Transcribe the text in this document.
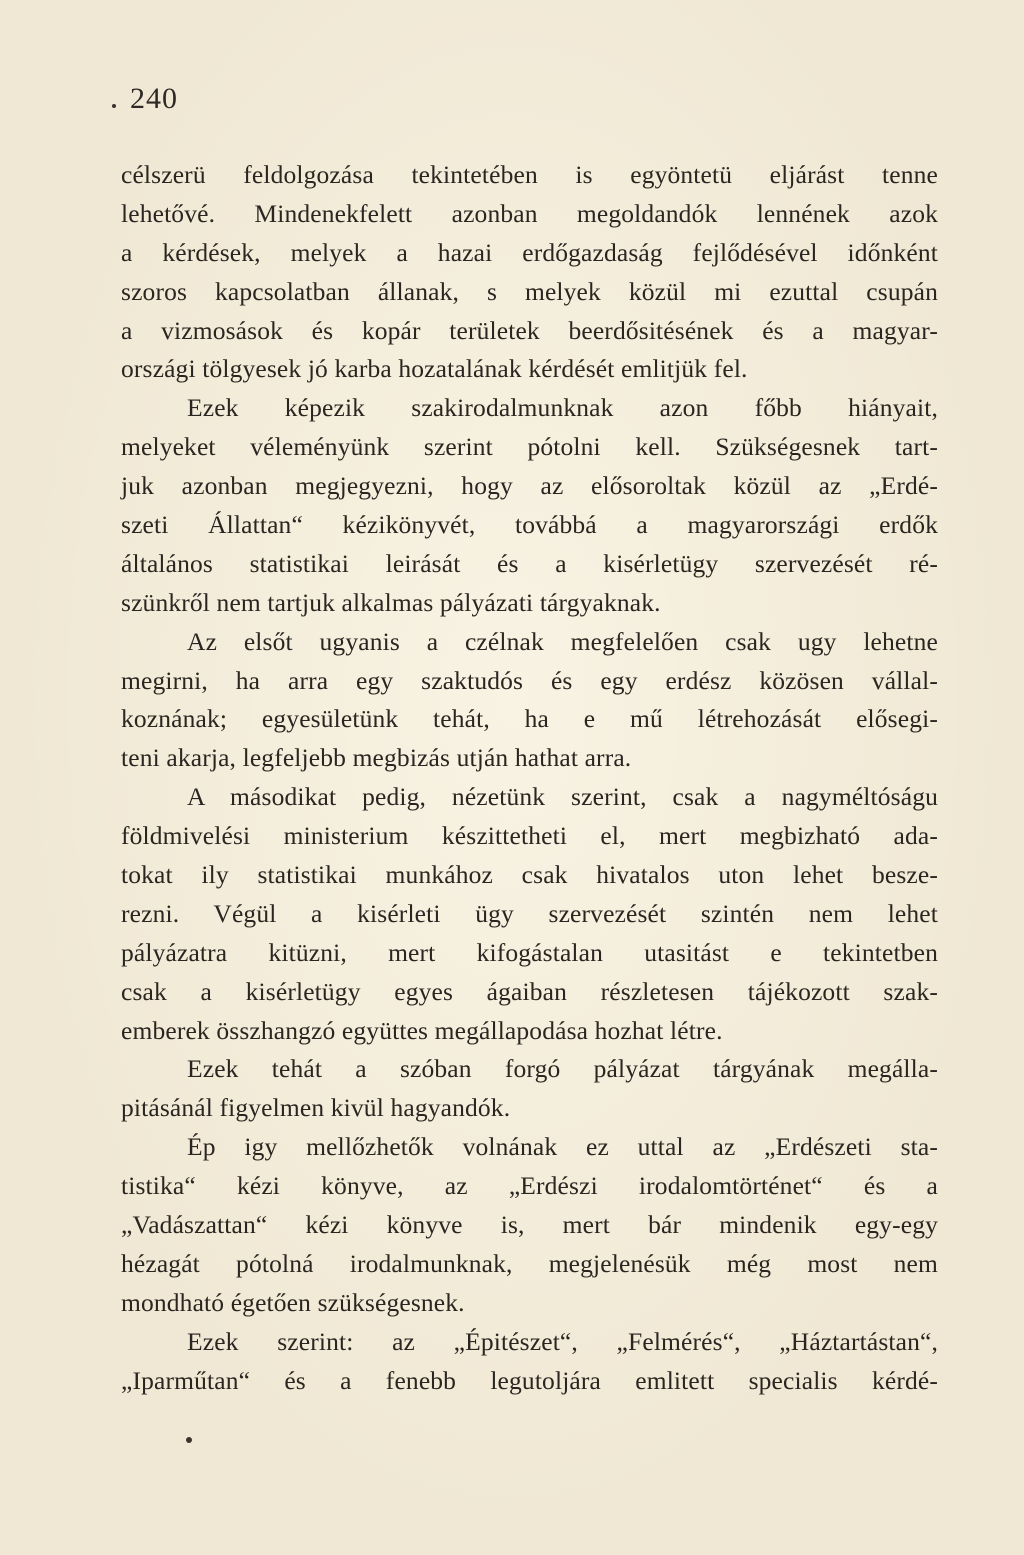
240
célszerü feldolgozása tekintetében is egyöntetü eljárást tenne
lehetővé. Mindenekfelett azonban megoldandók lennének azok
a kérdések, melyek a hazai erdőgazdaság fejlődésével időnként
szoros kapcsolatban állanak, s melyek közül mi ezuttal csupán
a vizmosások és kopár területek beerdősitésének és a magyar-
országi tölgyesek jó karba hozatalának kérdését emlitjük fel.
Ezek képezik szakirodalmunknak azon főbb hiányait,
melyeket véleményünk szerint pótolni kell. Szükségesnek tart-
juk azonban megjegyezni, hogy az elősoroltak közül az „Erdé-
szeti Állattan“ kézikönyvét, továbbá a magyarországi erdők
általános statistikai leirását és a kisérletügy szervezését ré-
szünkről nem tartjuk alkalmas pályázati tárgyaknak.
Az elsőt ugyanis a czélnak megfelelően csak ugy lehetne
megirni, ha arra egy szaktudós és egy erdész közösen vállal-
koznának; egyesületünk tehát, ha e mű létrehozását elősegi-
teni akarja, legfeljebb megbizás utján hathat arra.
A másodikat pedig, nézetünk szerint, csak a nagyméltóságu
földmivelési ministerium készittetheti el, mert megbizható ada-
tokat ily statistikai munkához csak hivatalos uton lehet beszе-
rezni. Végül a kisérleti ügy szervezését szintén nem lehet
pályázatra kitüzni, mert kifogástalan utasitást e tekintetben
csak a kisérletügy egyes ágaiban részletesen tájékozott szak-
emberek összhangzó együttes megállapodása hozhat létre.
Ezek tehát a szóban forgó pályázat tárgyának megálla-
pitásánál figyelmen kivül hagyandók.
Ép igy mellőzhetők volnának ez uttal az „Erdészeti sta-
tistika“ kézi könyve, az „Erdészi irodalomtörténet“ és a
„Vadászattan“ kézi könyve is, mert bár mindenik egy-egy
hézagát pótolná irodalmunknak, megjelenésük még most nem
mondható égetően szükségesnek.
Ezek szerint: az „Épitészet“, „Felmérés“, „Háztartástan“,
„Iparműtan“ és a fenebb legutoljára emlitett specialis kérdé-
